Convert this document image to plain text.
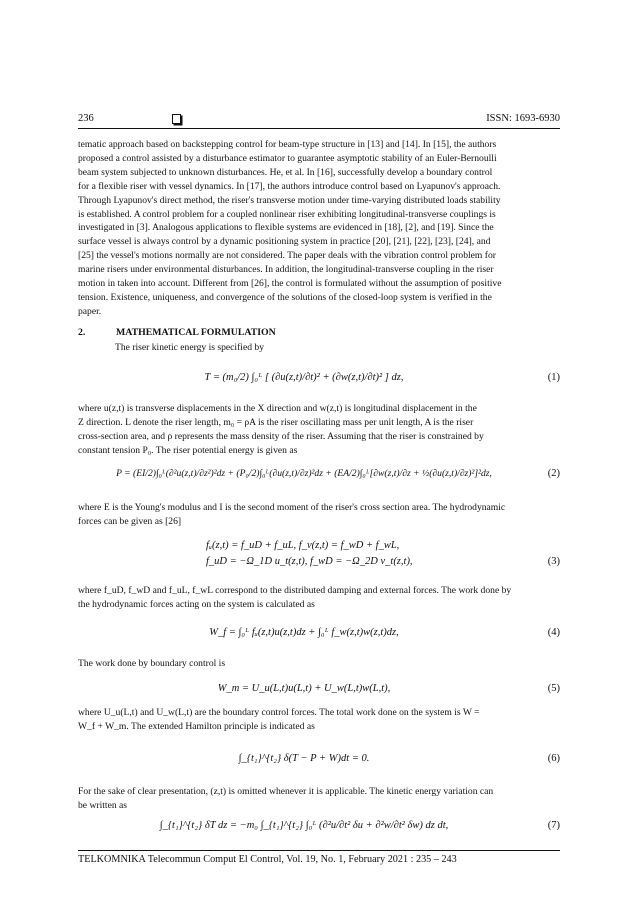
236	ISSN: 1693-6930
tematic approach based on backstepping control for beam-type structure in [13] and [14]. In [15], the authors
proposed a control assisted by a disturbance estimator to guarantee asymptotic stability of an Euler-Bernoulli
beam system subjected to unknown disturbances. He, et al. In [16], successfully develop a boundary control
for a flexible riser with vessel dynamics. In [17], the authors introduce control based on Lyapunov's approach.
Through Lyapunov's direct method, the riser's transverse motion under time-varying distributed loads stability
is established. A control problem for a coupled nonlinear riser exhibiting longitudinal-transverse couplings is
investigated in [3]. Analogous applications to flexible systems are evidenced in [18], [2], and [19]. Since the
surface vessel is always control by a dynamic positioning system in practice [20], [21], [22], [23], [24], and
[25] the vessel's motions normally are not considered. The paper deals with the vibration control problem for
marine risers under environmental disturbances. In addition, the longitudinal-transverse coupling in the riser
motion in taken into account. Different from [26], the control is formulated without the assumption of positive
tension. Existence, uniqueness, and convergence of the solutions of the closed-loop system is verified in the
paper.
2.	MATHEMATICAL FORMULATION
The riser kinetic energy is specified by
T = (m₀/2) ∫₀ᴸ [ (∂u(z,t)/∂t)² + (∂w(z,t)/∂t)² ] dz,	(1)
where u(z,t) is transverse displacements in the X direction and w(z,t) is longitudinal displacement in the
Z direction. L denote the riser length, m₀ = ρA is the riser oscillating mass per unit length, A is the riser
cross-section area, and ρ represents the mass density of the riser. Assuming that the riser is constrained by
constant tension P₀. The riser potential energy is given as
P = (EI/2)∫₀ᴸ(∂²u(z,t)/∂z²)²dz + (P₀/2)∫₀ᴸ(∂u(z,t)/∂z)²dz + (EA/2)∫₀ᴸ[∂w(z,t)/∂z + ½(∂u(z,t)/∂z)²]²dz,	(2)
where E is the Young's modulus and I is the second moment of the riser's cross section area. The hydrodynamic
forces can be given as [26]
fᵤ(z,t) = f_uD + f_uL, f_v(z,t) = f_wD + f_wL,
f_uD = −Ω_1D u_t(z,t), f_wD = −Ω_2D v_t(z,t),	(3)
where f_uD, f_wD and f_uL, f_wL correspond to the distributed damping and external forces. The work done by
the hydrodynamic forces acting on the system is calculated as
W_f = ∫₀ᴸ fᵤ(z,t)u(z,t)dz + ∫₀ᴸ f_w(z,t)w(z,t)dz,	(4)
The work done by boundary control is
W_m = U_u(L,t)u(L,t) + U_w(L,t)w(L,t),	(5)
where U_u(L,t) and U_w(L,t) are the boundary control forces. The total work done on the system is W =
W_f + W_m. The extended Hamilton principle is indicated as
∫_{t₁}^{t₂} δ(T − P + W)dt = 0.	(6)
For the sake of clear presentation, (z,t) is omitted whenever it is applicable. The kinetic energy variation can
be written as
∫_{t₁}^{t₂} δT dz = −m₀ ∫_{t₁}^{t₂} ∫₀ᴸ (∂²u/∂t² δu + ∂²w/∂t² δw) dz dt,	(7)
TELKOMNIKA Telecommun Comput El Control, Vol. 19, No. 1, February 2021 : 235 – 243
